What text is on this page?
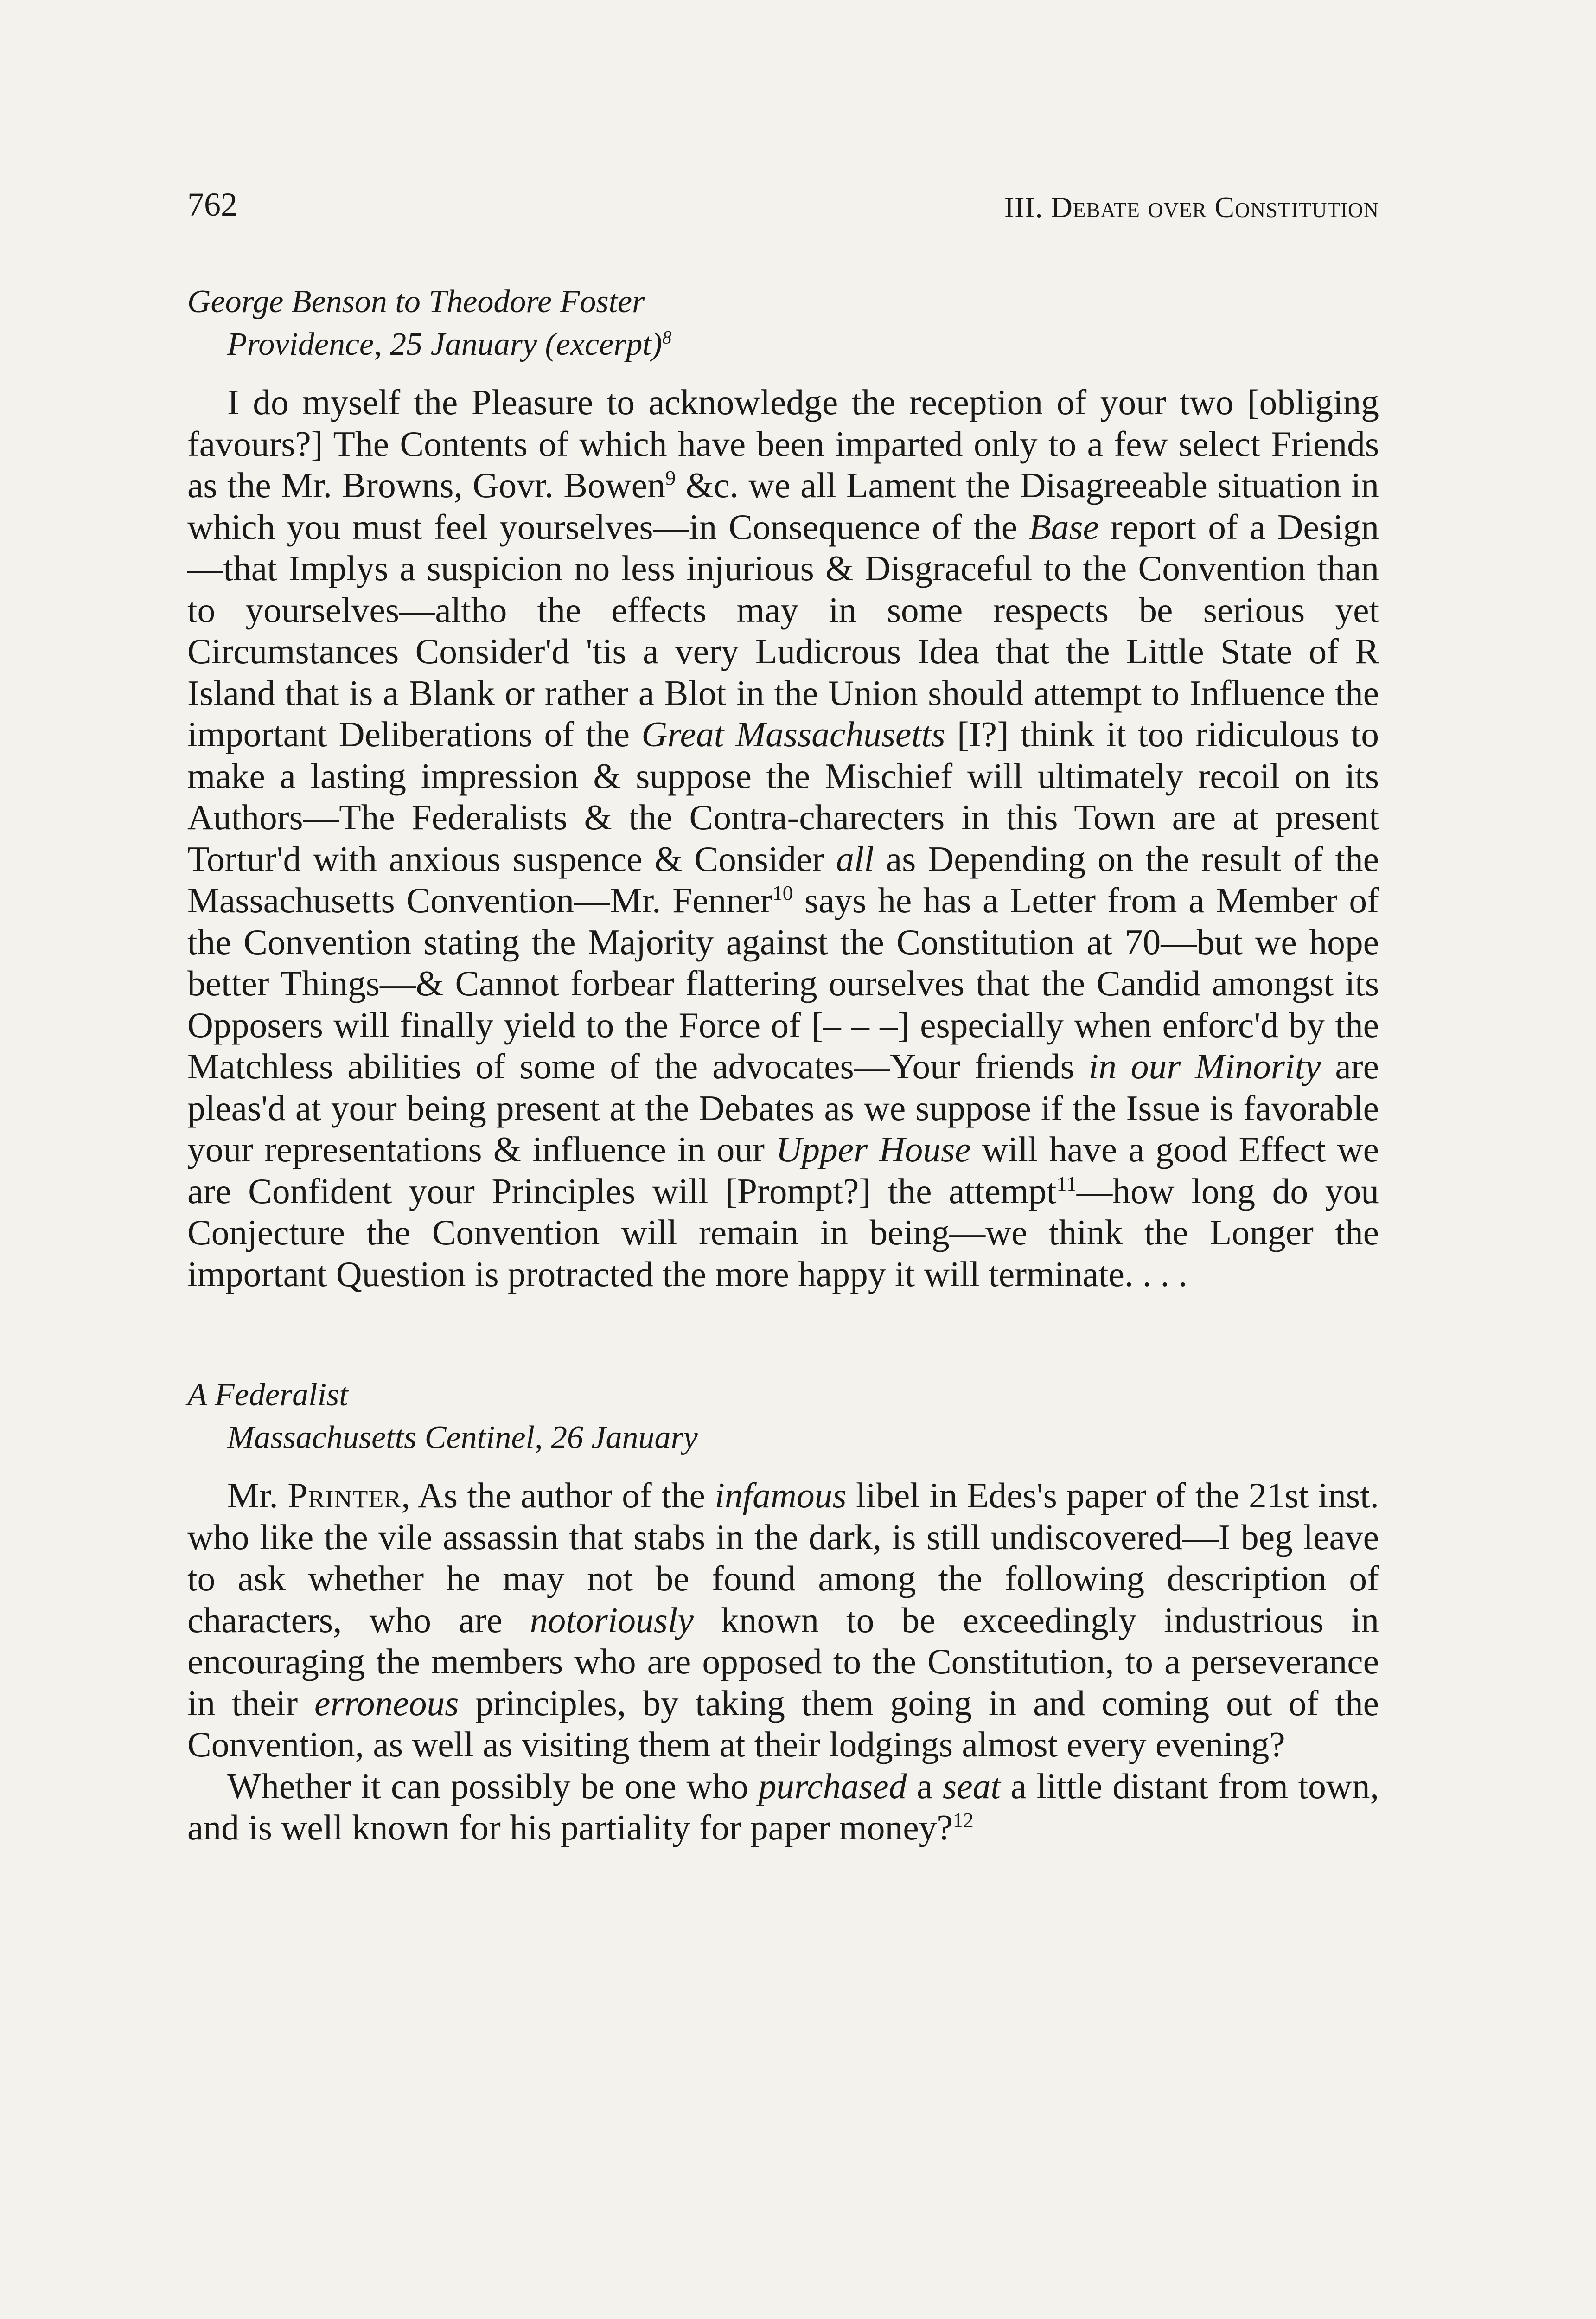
762	III. Debate over Constitution
George Benson to Theodore Foster
Providence, 25 January (excerpt)$^8$

I do myself the Pleasure to acknowledge the reception of your two [obliging favours?] The Contents of which have been imparted only to a few select Friends as the Mr. Browns, Govr. Bowen$^9$ &c. we all Lament the Disagreeable situation in which you must feel yourselves—in Consequence of the Base report of a Design—that Implys a suspicion no less injurious & Disgraceful to the Convention than to yourselves—altho the effects may in some respects be serious yet Circumstances Consider'd 'tis a very Ludicrous Idea that the Little State of R Island that is a Blank or rather a Blot in the Union should attempt to Influence the important Deliberations of the Great Massachusetts [I?] think it too ridiculous to make a lasting impression & suppose the Mischief will ultimately recoil on its Authors—The Federalists & the Contra-charecters in this Town are at present Tortur'd with anxious suspence & Consider all as Depending on the result of the Massachusetts Convention—Mr. Fenner$^{10}$ says he has a Letter from a Member of the Convention stating the Majority against the Constitution at 70—but we hope better Things—& Cannot forbear flattering ourselves that the Candid amongst its Opposers will finally yield to the Force of [– – –] especially when enforc'd by the Matchless abilities of some of the advocates—Your friends in our Minority are pleas'd at your being present at the Debates as we suppose if the Issue is favorable your representations & influence in our Upper House will have a good Effect we are Confident your Principles will [Prompt?] the attempt$^{11}$—how long do you Conjecture the Convention will remain in being—we think the Longer the important Question is protracted the more happy it will terminate. . . .

A Federalist
Massachusetts Centinel, 26 January

Mr. Printer, As the author of the infamous libel in Edes's paper of the 21st inst. who like the vile assassin that stabs in the dark, is still undiscovered—I beg leave to ask whether he may not be found among the following description of characters, who are notoriously known to be exceedingly industrious in encouraging the members who are opposed to the Constitution, to a perseverance in their erroneous principles, by taking them going in and coming out of the Convention, as well as visiting them at their lodgings almost every evening?

Whether it can possibly be one who purchased a seat a little distant from town, and is well known for his partiality for paper money?$^{12}$
